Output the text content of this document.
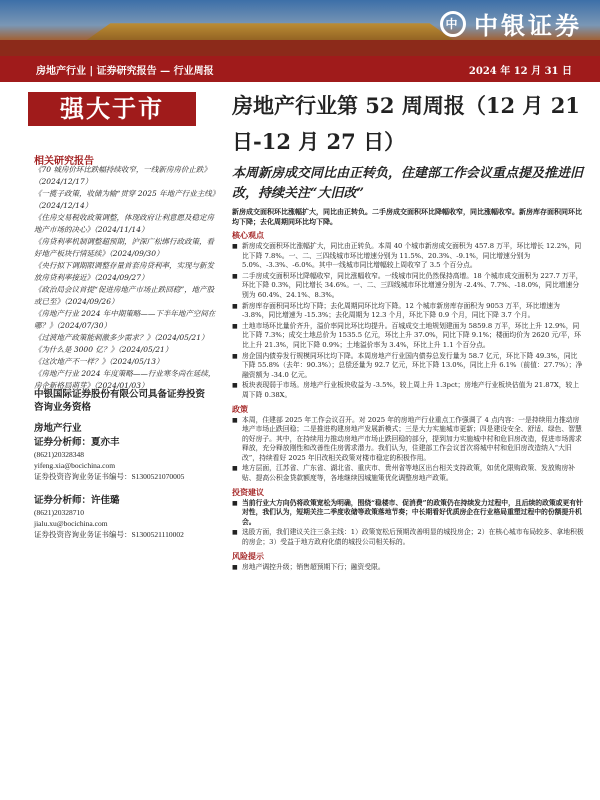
中 中银证券
房地产行业 | 证券研究报告 — 行业周报	2024 年 12 月 31 日
强大于市
相关研究报告
《70 城房价环比跌幅持续收窄，一线新房房价止跌》（2024/12/17）
《一揽子政策，收储为输“贯穿 2025 年地产行业主线》（2024/12/14）
《住房交易税收政策调整，体现政府让利意愿及稳定房地产市场的决心》（2024/11/14）
《房贷利率机制调整超预期，沪深广松绑行政政策，看好地产板块行情延续》（2024/09/30）
《央行拟下调期限调整存量首套房贷利率，实现与新发放房贷利率接近》（2024/09/27）
《政治局会议首提“促进房地产市场止跌回稳”，地产股或已至》（2024/09/26）
《房地产行业 2024 年中期策略——下半年地产空间在哪？》（2024/07/30）
《过渡地产政策能刺激多少需求？》（2024/05/21）
《为什么是 3000 亿？》（2024/05/21）
《这次地产不一样？》（2024/05/13）
《房地产行业 2024 年度策略——行业寒冬尚在延续，房企新格局萌芽》（2024/01/03）
中银国际证券股份有限公司具备证券投资咨询业务资格
房地产行业
证券分析师：夏亦丰
(8621)20328348
yifeng.xia@bocichina.com
证券投资咨询业务证书编号：S1300521070005
证券分析师：许佳璐
(8621)20328710
jialu.xu@bocichina.com
证券投资咨询业务证书编号：S1300521110002
房地产行业第 52 周周报（12 月 21 日-12 月 27 日）
本周新房成交同比由正转负，住建部工作会议重点提及推进旧改，持续关注“大旧改”
新房成交面积环比涨幅扩大，同比由正转负。二手房成交面积环比降幅收窄，同比涨幅收窄。新房库存面积同环比均下降；去化周期同环比均下降。
核心观点
■ 新房成交面积环比涨幅扩大，同比由正转负。本周 40 个城市新房成交面积为 457.8 万平，环比增长 12.2%，同比下降 7.8%。一、二、三四线城市环比增速分别为 11.5%、20.3%、-9.1%，同比增速分别为 5.0%、-3.3%、-6.0%。其中一线城市同比增幅较上周收窄了 3.5 个百分点。
■ 二手房成交面积环比降幅收窄，同比涨幅收窄。一线城市同比仍然保持高增。18 个城市成交面积为 227.7 万平，环比下降 0.3%，同比增长 34.6%。一、二、三四线城市环比增速分别为 -2.4%、7.7%、-18.0%，同比增速分别为 60.4%、24.1%、8.3%。
■ 新房库存面积同环比均下降；去化周期同环比均下降。12 个城市新房库存面积为 9053 万平，环比增速为 -3.8%，同比增速为 -15.3%；去化周期为 12.3 个月，环比下降 0.9 个月，同比下降 3.7 个月。
■ 土地市场环比量价齐升，溢价率同比环比均提升。百城成交土地规划建面为 5859.8 万平，环比上升 12.9%，同比下降 7.3%；成交土地总价为 1535.5 亿元，环比上升 37.0%，同比下降 9.1%；楼面均价为 2620 元/平，环比上升 21.3%，同比下降 0.9%；土地溢价率为 3.4%，环比上升 1.1 个百分点。
■ 房企国内债券发行规模同环比均下降。本周房地产行业国内债券总发行量为 58.7 亿元，环比下降 49.3%，同比下降 55.8%（去年：90.3%）；总偿还量为 92.7 亿元，环比下降 13.0%，同比上升 6.1%（前值：27.7%）；净融资额为 -34.0 亿元。
■ 板块表现弱于市场。房地产行业板块收益为 -3.5%，较上周上升 1.3pct；房地产行业板块估值为 21.87X，较上周下降 0.38X。
政策
■ 本周，住建部 2025 年工作会议召开。对 2025 年的房地产行业重点工作强调了 4 点内容：一是持续用力推动房地产市场止跌回稳；二是推进构建房地产发展新模式；三是大力实施城市更新；四是建设安全、舒适、绿色、智慧的好房子。其中，在持续用力推动房地产市场止跌回稳的部分，提到加力实施城中村和危旧房改造，促进市场需求释放，充分释放刚性和改善性住房需求潜力。我们认为，住建部工作会议首次将城中村和危旧房改造纳入“大旧改”，持续看好 2025 年旧改相关政策对楼市稳定的积极作用。
■ 地方层面，江苏省、广东省、湖北省、重庆市、贵州省等地区出台相关支持政策，如优化限购政策、发放购房补贴、提高公积金贷款额度等，各地继续因城施策优化调整房地产政策。
投资建议
■ 当前行业大方向仍将政策宽松为明确，围绕“稳楼市、促消费”的政策仍在持续发力过程中，且后续的政策或更有针对性，我们认为，短期关注二季度收储等政策落地节奏；中长期看好优质房企在行业格局重塑过程中的份额提升机会。
■ 选股方面，我们建议关注三条主线：1）政策宽松后预期改善明显的城投房企；2）在核心城市布局较多、拿地积极的房企；3）受益于地方政府化债的城投公司相关标的。
风险提示
■ 房地产调控升级；销售超预期下行；融资受限。
